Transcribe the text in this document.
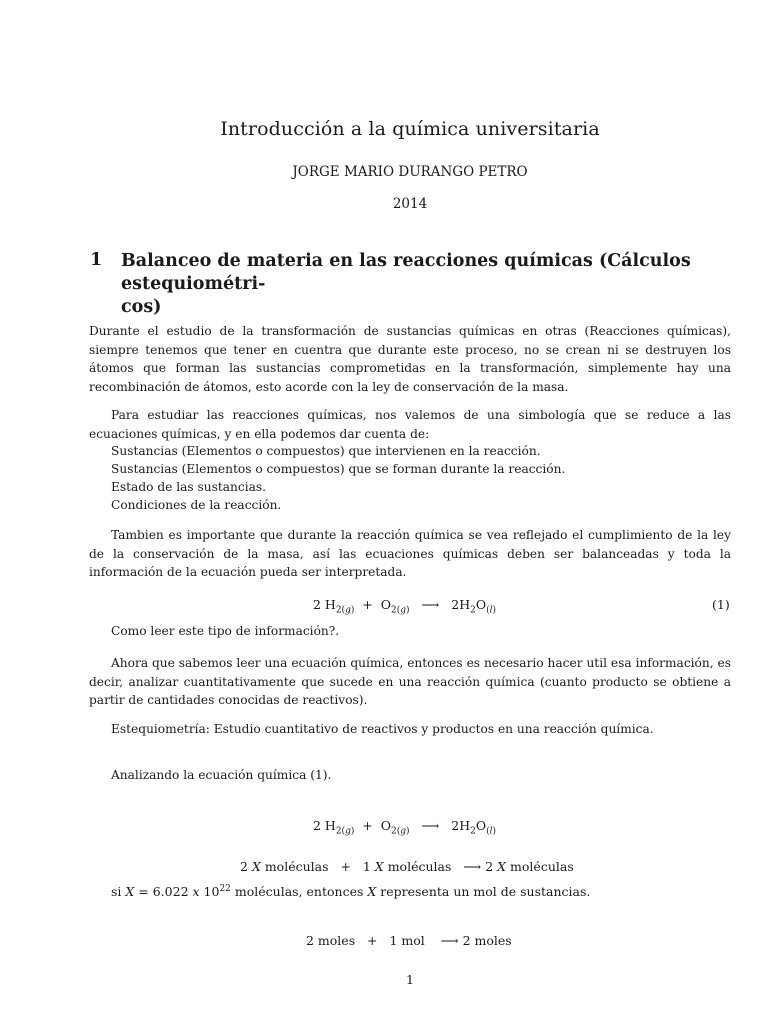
Introducción a la química universitaria
JORGE MARIO DURANGO PETRO
2014
1 Balanceo de materia en las reacciones químicas (Cálculos estequiométri-
cos)
Durante el estudio de la transformación de sustancias químicas en otras (Reacciones químicas), siempre tenemos que tener en cuentra que durante este proceso, no se crean ni se destruyen los átomos que forman las sustancias comprometidas en la transformación, simplemente hay una recombinación de átomos, esto acorde con la ley de conservación de la masa.
Para estudiar las reacciones químicas, nos valemos de una simbología que se reduce a las ecuaciones químicas, y en ella podemos dar cuenta de:
Sustancias (Elementos o compuestos) que intervienen en la reacción.
Sustancias (Elementos o compuestos) que se forman durante la reacción.
Estado de las sustancias.
Condiciones de la reacción.
Tambien es importante que durante la reacción química se vea reflejado el cumplimiento de la ley de la conservación de la masa, así las ecuaciones químicas deben ser balanceadas y toda la información de la ecuación pueda ser interpretada.
2 $H_{2(g)} + O_{2(g)}$   ⟶   $2H_2O_{(l)}$	(1)
Como leer este tipo de información?.
Ahora que sabemos leer una ecuación química, entonces es necesario hacer util esa información, es decir, analizar cuantitativamente que sucede en una reacción química (cuanto producto se obtiene a partir de cantidades conocidas de reactivos).
Estequiometría: Estudio cuantitativo de reactivos y productos en una reacción química.
Analizando la ecuación química (1).
2 $H_{2(g)} + O_{2(g)}$   ⟶   $2H_2O_{(l)}$
2 X moléculas + 1 X moléculas   ⟶ 2 X moléculas
si X = 6.022 x $10^{22}$ moléculas, entonces X representa un mol de sustancias.
2 moles + 1 mol    ⟶ 2 moles
1
